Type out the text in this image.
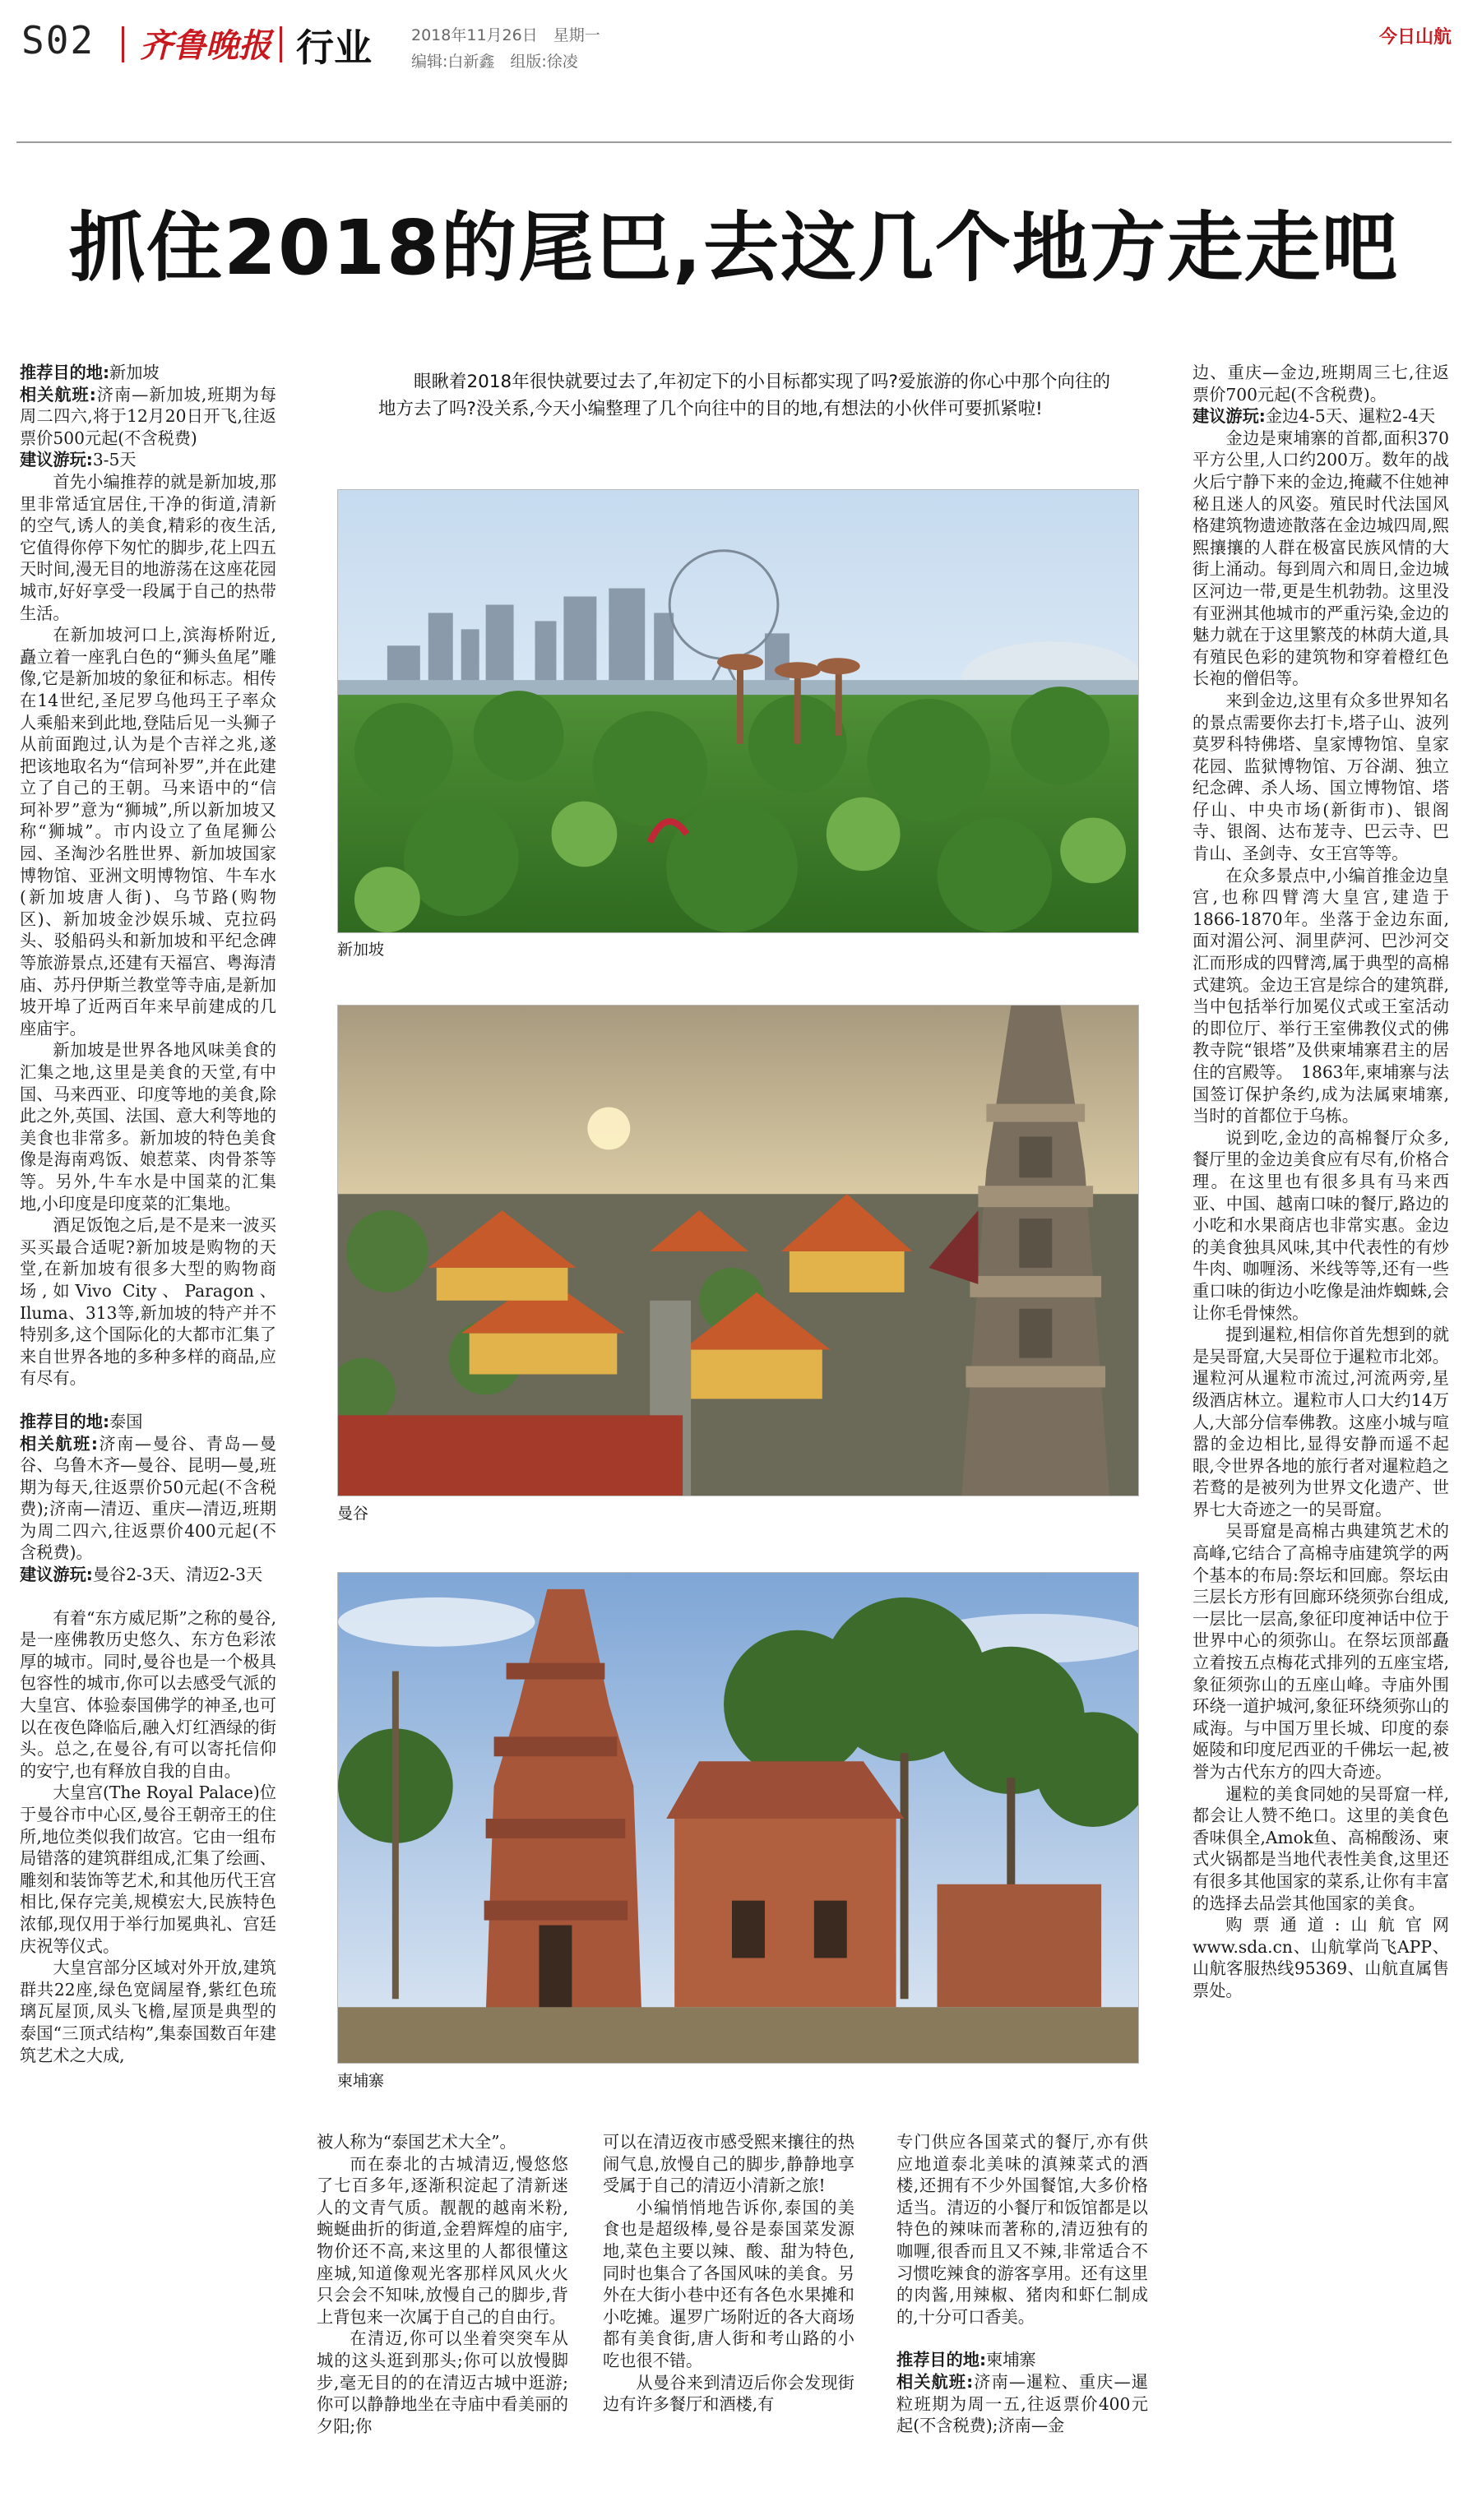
S02 齐鲁晚报 行业	2018年11月26日　星期一
编辑:白新鑫　组版:徐凌
今日山航
抓住2018的尾巴,去这几个地方走走吧

推荐目的地:新加坡

相关航班:济南—新加坡,班期为每周二四六,将于12月20日开飞,往返票价500元起(不含税费)

建议游玩:3-5天

首先小编推荐的就是新加坡,那里非常适宜居住,干净的街道,清新的空气,诱人的美食,精彩的夜生活,它值得你停下匆忙的脚步,花上四五天时间,漫无目的地游荡在这座花园城市,好好享受一段属于自己的热带生活。

在新加坡河口上,滨海桥附近,矗立着一座乳白色的“狮头鱼尾”雕像,它是新加坡的象征和标志。相传在14世纪,圣尼罗乌他玛王子率众人乘船来到此地,登陆后见一头狮子从前面跑过,认为是个吉祥之兆,遂把该地取名为“信珂补罗”,并在此建立了自己的王朝。马来语中的“信珂补罗”意为“狮城”,所以新加坡又称“狮城”。市内设立了鱼尾狮公园、圣淘沙名胜世界、新加坡国家博物馆、亚洲文明博物馆、牛车水(新加坡唐人街)、乌节路(购物区)、新加坡金沙娱乐城、克拉码头、驳船码头和新加坡和平纪念碑等旅游景点,还建有天福宫、粤海清庙、苏丹伊斯兰教堂等寺庙,是新加坡开埠了近两百年来早前建成的几座庙宇。

新加坡是世界各地风味美食的汇集之地,这里是美食的天堂,有中国、马来西亚、印度等地的美食,除此之外,英国、法国、意大利等地的美食也非常多。新加坡的特色美食像是海南鸡饭、娘惹菜、肉骨茶等等。另外,牛车水是中国菜的汇集地,小印度是印度菜的汇集地。

酒足饭饱之后,是不是来一波买买买最合适呢?新加坡是购物的天堂,在新加坡有很多大型的购物商场,如Vivo City、Paragon、Iluma、313等,新加坡的特产并不特别多,这个国际化的大都市汇集了来自世界各地的多种多样的商品,应有尽有。

推荐目的地:泰国

相关航班:济南—曼谷、青岛—曼谷、乌鲁木齐—曼谷、昆明—曼,班期为每天,往返票价50元起(不含税费);济南—清迈、重庆—清迈,班期为周二四六,往返票价400元起(不含税费)。

建议游玩:曼谷2-3天、清迈2-3天

有着“东方威尼斯”之称的曼谷,是一座佛教历史悠久、东方色彩浓厚的城市。同时,曼谷也是一个极具包容性的城市,你可以去感受气派的大皇宫、体验泰国佛学的神圣,也可以在夜色降临后,融入灯红酒绿的街头。总之,在曼谷,有可以寄托信仰的安宁,也有释放自我的自由。

大皇宫(The Royal Palace)位于曼谷市中心区,曼谷王朝帝王的住所,地位类似我们故宫。它由一组布局错落的建筑群组成,汇集了绘画、雕刻和装饰等艺术,和其他历代王宫相比,保存完美,规模宏大,民族特色浓郁,现仅用于举行加冕典礼、宫廷庆祝等仪式。

大皇宫部分区域对外开放,建筑群共22座,绿色宽阔屋脊,紫红色琉璃瓦屋顶,凤头飞檐,屋顶是典型的泰国“三顶式结构”,集泰国数百年建筑艺术之大成,

眼瞅着2018年很快就要过去了,年初定下的小目标都实现了吗?爱旅游的你心中那个向往的地方去了吗?没关系,今天小编整理了几个向往中的目的地,有想法的小伙伴可要抓紧啦!
新加坡
曼谷
柬埔寨

被人称为“泰国艺术大全”。

而在泰北的古城清迈,慢悠悠了七百多年,逐渐积淀起了清新迷人的文青气质。靓靓的越南米粉,蜿蜒曲折的街道,金碧辉煌的庙宇,物价还不高,来这里的人都很懂这座城,知道像观光客那样风风火火只会会不知味,放慢自己的脚步,背上背包来一次属于自己的自由行。

在清迈,你可以坐着突突车从城的这头逛到那头;你可以放慢脚步,毫无目的的在清迈古城中逛游;你可以静静地坐在寺庙中看美丽的夕阳;你

可以在清迈夜市感受熙来攘往的热闹气息,放慢自己的脚步,静静地享受属于自己的清迈小清新之旅!

小编悄悄地告诉你,泰国的美食也是超级棒,曼谷是泰国菜发源地,菜色主要以辣、酸、甜为特色,同时也集合了各国风味的美食。另外在大街小巷中还有各色水果摊和小吃摊。暹罗广场附近的各大商场都有美食街,唐人街和考山路的小吃也很不错。

从曼谷来到清迈后你会发现街边有许多餐厅和酒楼,有

专门供应各国菜式的餐厅,亦有供应地道泰北美味的滇辣菜式的酒楼,还拥有不少外国餐馆,大多价格适当。清迈的小餐厅和饭馆都是以特色的辣味而著称的,清迈独有的咖喱,很香而且又不辣,非常适合不习惯吃辣食的游客享用。还有这里的肉酱,用辣椒、猪肉和虾仁制成的,十分可口香美。

推荐目的地:柬埔寨

相关航班:济南—暹粒、重庆—暹粒班期为周一五,往返票价400元起(不含税费);济南—金

边、重庆—金边,班期周三七,往返票价700元起(不含税费)。

建议游玩:金边4-5天、暹粒2-4天

金边是柬埔寨的首都,面积370平方公里,人口约200万。数年的战火后宁静下来的金边,掩藏不住她神秘且迷人的风姿。殖民时代法国风格建筑物遗迹散落在金边城四周,熙熙攘攘的人群在极富民族风情的大街上涌动。每到周六和周日,金边城区河边一带,更是生机勃勃。这里没有亚洲其他城市的严重污染,金边的魅力就在于这里繁茂的林荫大道,具有殖民色彩的建筑物和穿着橙红色长袍的僧侣等。

来到金边,这里有众多世界知名的景点需要你去打卡,塔子山、波列莫罗科特佛塔、皇家博物馆、皇家花园、监狱博物馆、万谷湖、独立纪念碑、杀人场、国立博物馆、塔仔山、中央市场(新街市)、银阁寺、银阁、达布茏寺、巴云寺、巴肯山、圣剑寺、女王宫等等。

在众多景点中,小编首推金边皇宫,也称四臂湾大皇宫,建造于1866-1870年。坐落于金边东面,面对湄公河、洞里萨河、巴沙河交汇而形成的四臂湾,属于典型的高棉式建筑。金边王宫是综合的建筑群,当中包括举行加冕仪式或王室活动的即位厅、举行王室佛教仪式的佛教寺院“银塔”及供柬埔寨君主的居住的宫殿等。　1863年,柬埔寨与法国签订保护条约,成为法属柬埔寨,当时的首都位于乌栋。

说到吃,金边的高棉餐厅众多,餐厅里的金边美食应有尽有,价格合理。在这里也有很多具有马来西亚、中国、越南口味的餐厅,路边的小吃和水果商店也非常实惠。金边的美食独具风味,其中代表性的有炒牛肉、咖喱汤、米线等等,还有一些重口味的街边小吃像是油炸蜘蛛,会让你毛骨悚然。

提到暹粒,相信你首先想到的就是吴哥窟,大吴哥位于暹粒市北郊。暹粒河从暹粒市流过,河流两旁,星级酒店林立。暹粒市人口大约14万人,大部分信奉佛教。这座小城与喧嚣的金边相比,显得安静而遥不起眼,令世界各地的旅行者对暹粒趋之若鹜的是被列为世界文化遗产、世界七大奇迹之一的吴哥窟。

吴哥窟是高棉古典建筑艺术的高峰,它结合了高棉寺庙建筑学的两个基本的布局:祭坛和回廊。祭坛由三层长方形有回廊环绕须弥台组成,一层比一层高,象征印度神话中位于世界中心的须弥山。在祭坛顶部矗立着按五点梅花式排列的五座宝塔,象征须弥山的五座山峰。寺庙外围环绕一道护城河,象征环绕须弥山的咸海。与中国万里长城、印度的泰姬陵和印度尼西亚的千佛坛一起,被誉为古代东方的四大奇迹。

暹粒的美食同她的吴哥窟一样,都会让人赞不绝口。这里的美食色香味俱全,Amok鱼、高棉酸汤、柬式火锅都是当地代表性美食,这里还有很多其他国家的菜系,让你有丰富的选择去品尝其他国家的美食。

购票通道:山航官网www.sda.cn、山航掌尚飞APP、山航客服热线95369、山航直属售票处。
